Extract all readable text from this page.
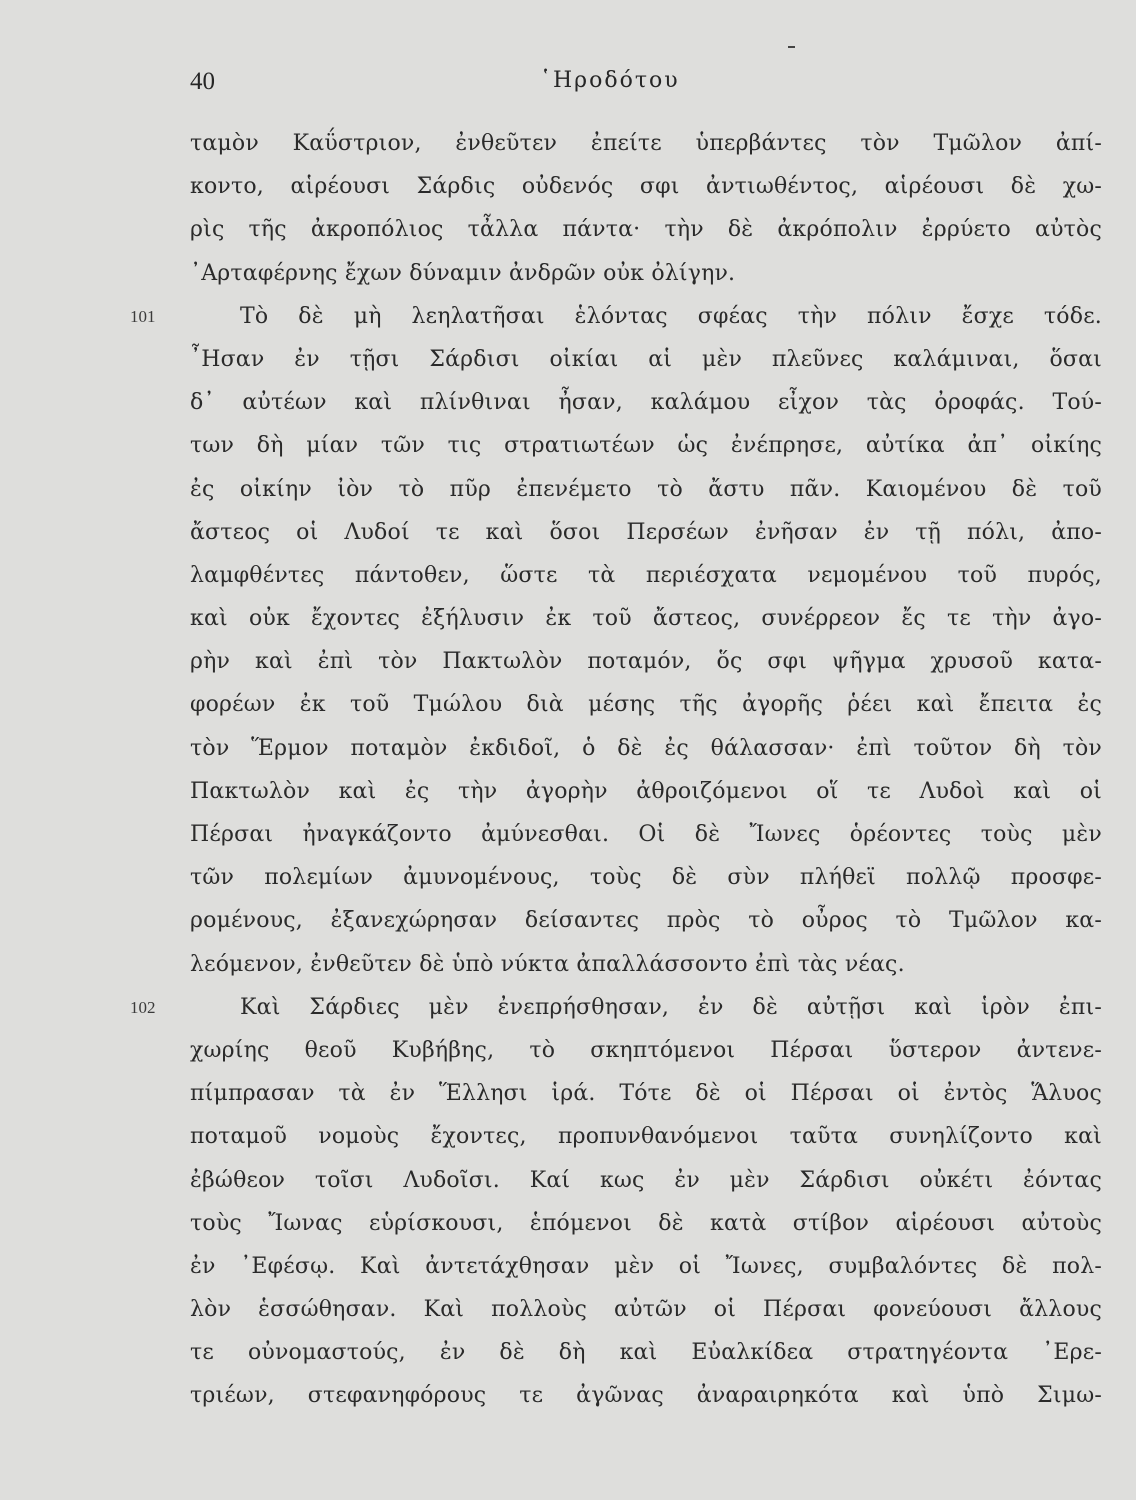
40	῾Ηροδότου
ταμὸν Καΰστριον, ἐνθεῦτεν ἐπείτε ὑπερβάντες τὸν Τμῶλον ἀπί-
κοντο, αἱρέουσι Σάρδις οὐδενός σφι ἀντιωθέντος, αἱρέουσι δὲ χω-
ρὶς τῆς ἀκροπόλιος τἆλλα πάντα· τὴν δὲ ἀκρόπολιν ἐρρύετο αὐτὸς
᾿Αρταφέρνης ἔχων δύναμιν ἀνδρῶν οὐκ ὀλίγην.
101	Τὸ δὲ μὴ λεηλατῆσαι ἑλόντας σφέας τὴν πόλιν ἔσχε τόδε.
῏Ησαν ἐν τῇσι Σάρδισι οἰκίαι αἱ μὲν πλεῦνες καλάμιναι, ὅσαι
δ᾿ αὐτέων καὶ πλίνθιναι ἦσαν, καλάμου εἶχον τὰς ὀροφάς. Τού-
των δὴ μίαν τῶν τις στρατιωτέων ὡς ἐνέπρησε, αὐτίκα ἀπ᾿ οἰκίης
ἐς οἰκίην ἰὸν τὸ πῦρ ἐπενέμετο τὸ ἄστυ πᾶν. Καιομένου δὲ τοῦ
ἄστεος οἱ Λυδοί τε καὶ ὅσοι Περσέων ἐνῆσαν ἐν τῇ πόλι, ἀπο-
λαμφθέντες πάντοθεν, ὥστε τὰ περιέσχατα νεμομένου τοῦ πυρός,
καὶ οὐκ ἔχοντες ἐξήλυσιν ἐκ τοῦ ἄστεος, συνέρρεον ἔς τε τὴν ἀγο-
ρὴν καὶ ἐπὶ τὸν Πακτωλὸν ποταμόν, ὅς σφι ψῆγμα χρυσοῦ κατα-
φορέων ἐκ τοῦ Τμώλου διὰ μέσης τῆς ἀγορῆς ῥέει καὶ ἔπειτα ἐς
τὸν Ἕρμον ποταμὸν ἐκδιδοῖ, ὁ δὲ ἐς θάλασσαν· ἐπὶ τοῦτον δὴ τὸν
Πακτωλὸν καὶ ἐς τὴν ἀγορὴν ἀθροιζόμενοι οἵ τε Λυδοὶ καὶ οἱ
Πέρσαι ἠναγκάζοντο ἀμύνεσθαι. Οἱ δὲ Ἴωνες ὁρέοντες τοὺς μὲν
τῶν πολεμίων ἀμυνομένους, τοὺς δὲ σὺν πλήθεϊ πολλῷ προσφε-
ρομένους, ἐξανεχώρησαν δείσαντες πρὸς τὸ οὖρος τὸ Τμῶλον κα-
λεόμενον, ἐνθεῦτεν δὲ ὑπὸ νύκτα ἀπαλλάσσοντο ἐπὶ τὰς νέας.
102	Καὶ Σάρδιες μὲν ἐνεπρήσθησαν, ἐν δὲ αὐτῇσι καὶ ἱρὸν ἐπι-
χωρίης θεοῦ Κυβήβης, τὸ σκηπτόμενοι Πέρσαι ὕστερον ἀντενε-
πίμπρασαν τὰ ἐν Ἕλλησι ἱρά. Τότε δὲ οἱ Πέρσαι οἱ ἐντὸς Ἅλυος
ποταμοῦ νομοὺς ἔχοντες, προπυνθανόμενοι ταῦτα συνηλίζοντο καὶ
ἐβώθεον τοῖσι Λυδοῖσι. Καί κως ἐν μὲν Σάρδισι οὐκέτι ἐόντας
τοὺς Ἴωνας εὑρίσκουσι, ἑπόμενοι δὲ κατὰ στίβον αἱρέουσι αὐτοὺς
ἐν ᾿Εφέσῳ. Καὶ ἀντετάχθησαν μὲν οἱ Ἴωνες, συμβαλόντες δὲ πολ-
λὸν ἑσσώθησαν. Καὶ πολλοὺς αὐτῶν οἱ Πέρσαι φονεύουσι ἄλλους
τε οὐνομαστούς, ἐν δὲ δὴ καὶ Εὐαλκίδεα στρατηγέοντα ᾿Ερε-
τριέων, στεφανηφόρους τε ἀγῶνας ἀναραιρηκότα καὶ ὑπὸ Σιμω-
